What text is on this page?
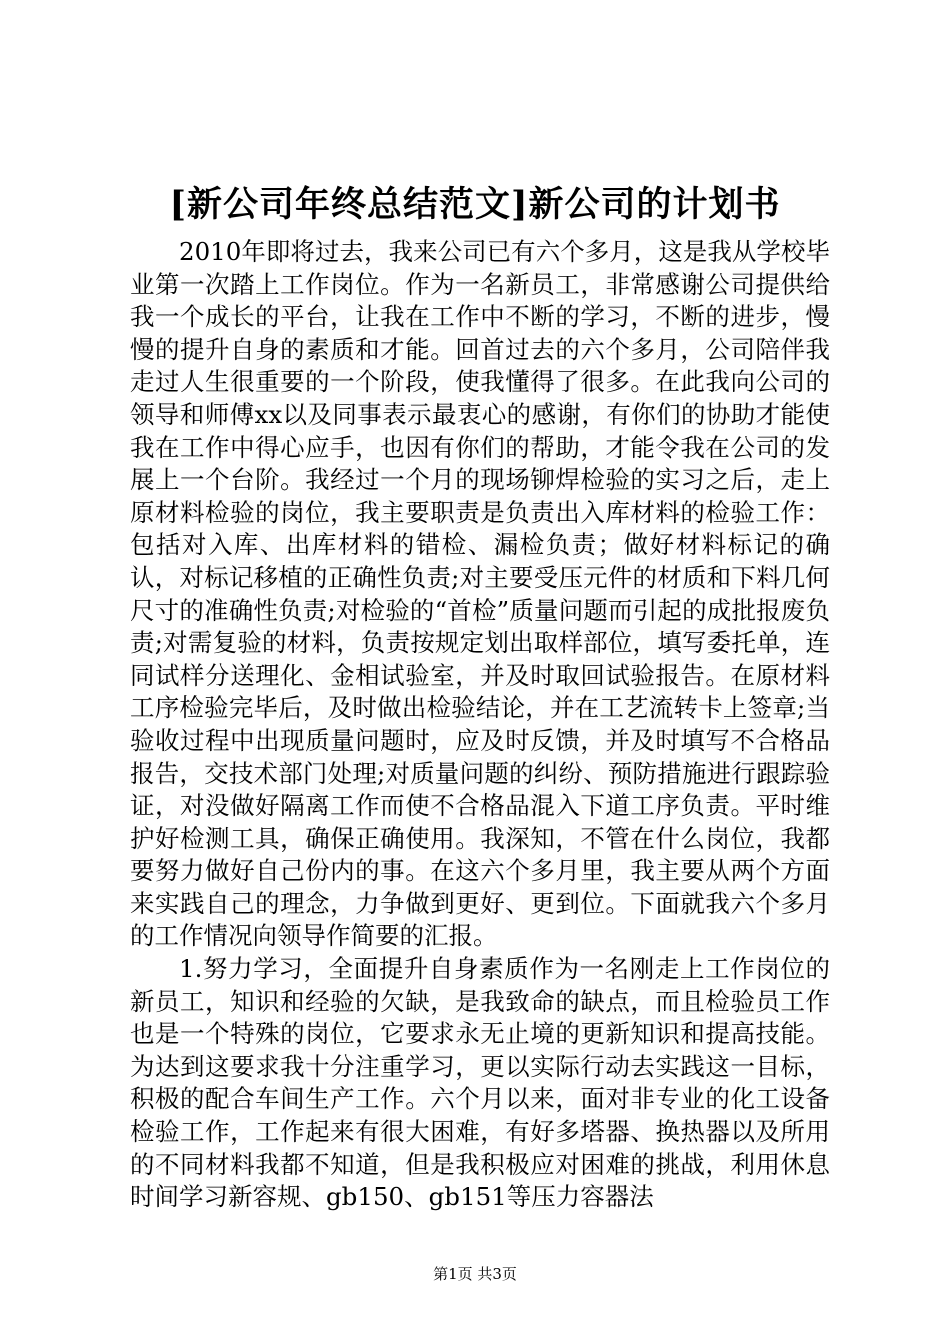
[新公司年终总结范文]新公司的计划书

2010年即将过去，我来公司已有六个多月，这是我从学校毕业第一次踏上工作岗位。作为一名新员工，非常感谢公司提供给我一个成长的平台，让我在工作中不断的学习，不断的进步，慢慢的提升自身的素质和才能。回首过去的六个多月，公司陪伴我走过人生很重要的一个阶段，使我懂得了很多。在此我向公司的领导和师傅xx以及同事表示最衷心的感谢，有你们的协助才能使我在工作中得心应手，也因有你们的帮助，才能令我在公司的发展上一个台阶。我经过一个月的现场铆焊检验的实习之后，走上原材料检验的岗位，我主要职责是负责出入库材料的检验工作：包括对入库、出库材料的错检、漏检负责；做好材料标记的确认，对标记移植的正确性负责;对主要受压元件的材质和下料几何尺寸的准确性负责;对检验的“首检”质量问题而引起的成批报废负责;对需复验的材料，负责按规定划出取样部位，填写委托单，连同试样分送理化、金相试验室，并及时取回试验报告。在原材料工序检验完毕后，及时做出检验结论，并在工艺流转卡上签章;当验收过程中出现质量问题时，应及时反馈，并及时填写不合格品报告，交技术部门处理;对质量问题的纠纷、预防措施进行跟踪验证，对没做好隔离工作而使不合格品混入下道工序负责。平时维护好检测工具，确保正确使用。我深知，不管在什么岗位，我都要努力做好自己份内的事。在这六个多月里，我主要从两个方面来实践自己的理念，力争做到更好、更到位。下面就我六个多月的工作情况向领导作简要的汇报。

1.努力学习，全面提升自身素质作为一名刚走上工作岗位的新员工，知识和经验的欠缺，是我致命的缺点，而且检验员工作也是一个特殊的岗位，它要求永无止境的更新知识和提高技能。为达到这要求我十分注重学习，更以实际行动去实践这一目标，积极的配合车间生产工作。六个月以来，面对非专业的化工设备检验工作，工作起来有很大困难，有好多塔器、换热器以及所用的不同材料我都不知道，但是我积极应对困难的挑战，利用休息时间学习新容规、gb150、gb151等压力容器法

第1页 共3页
